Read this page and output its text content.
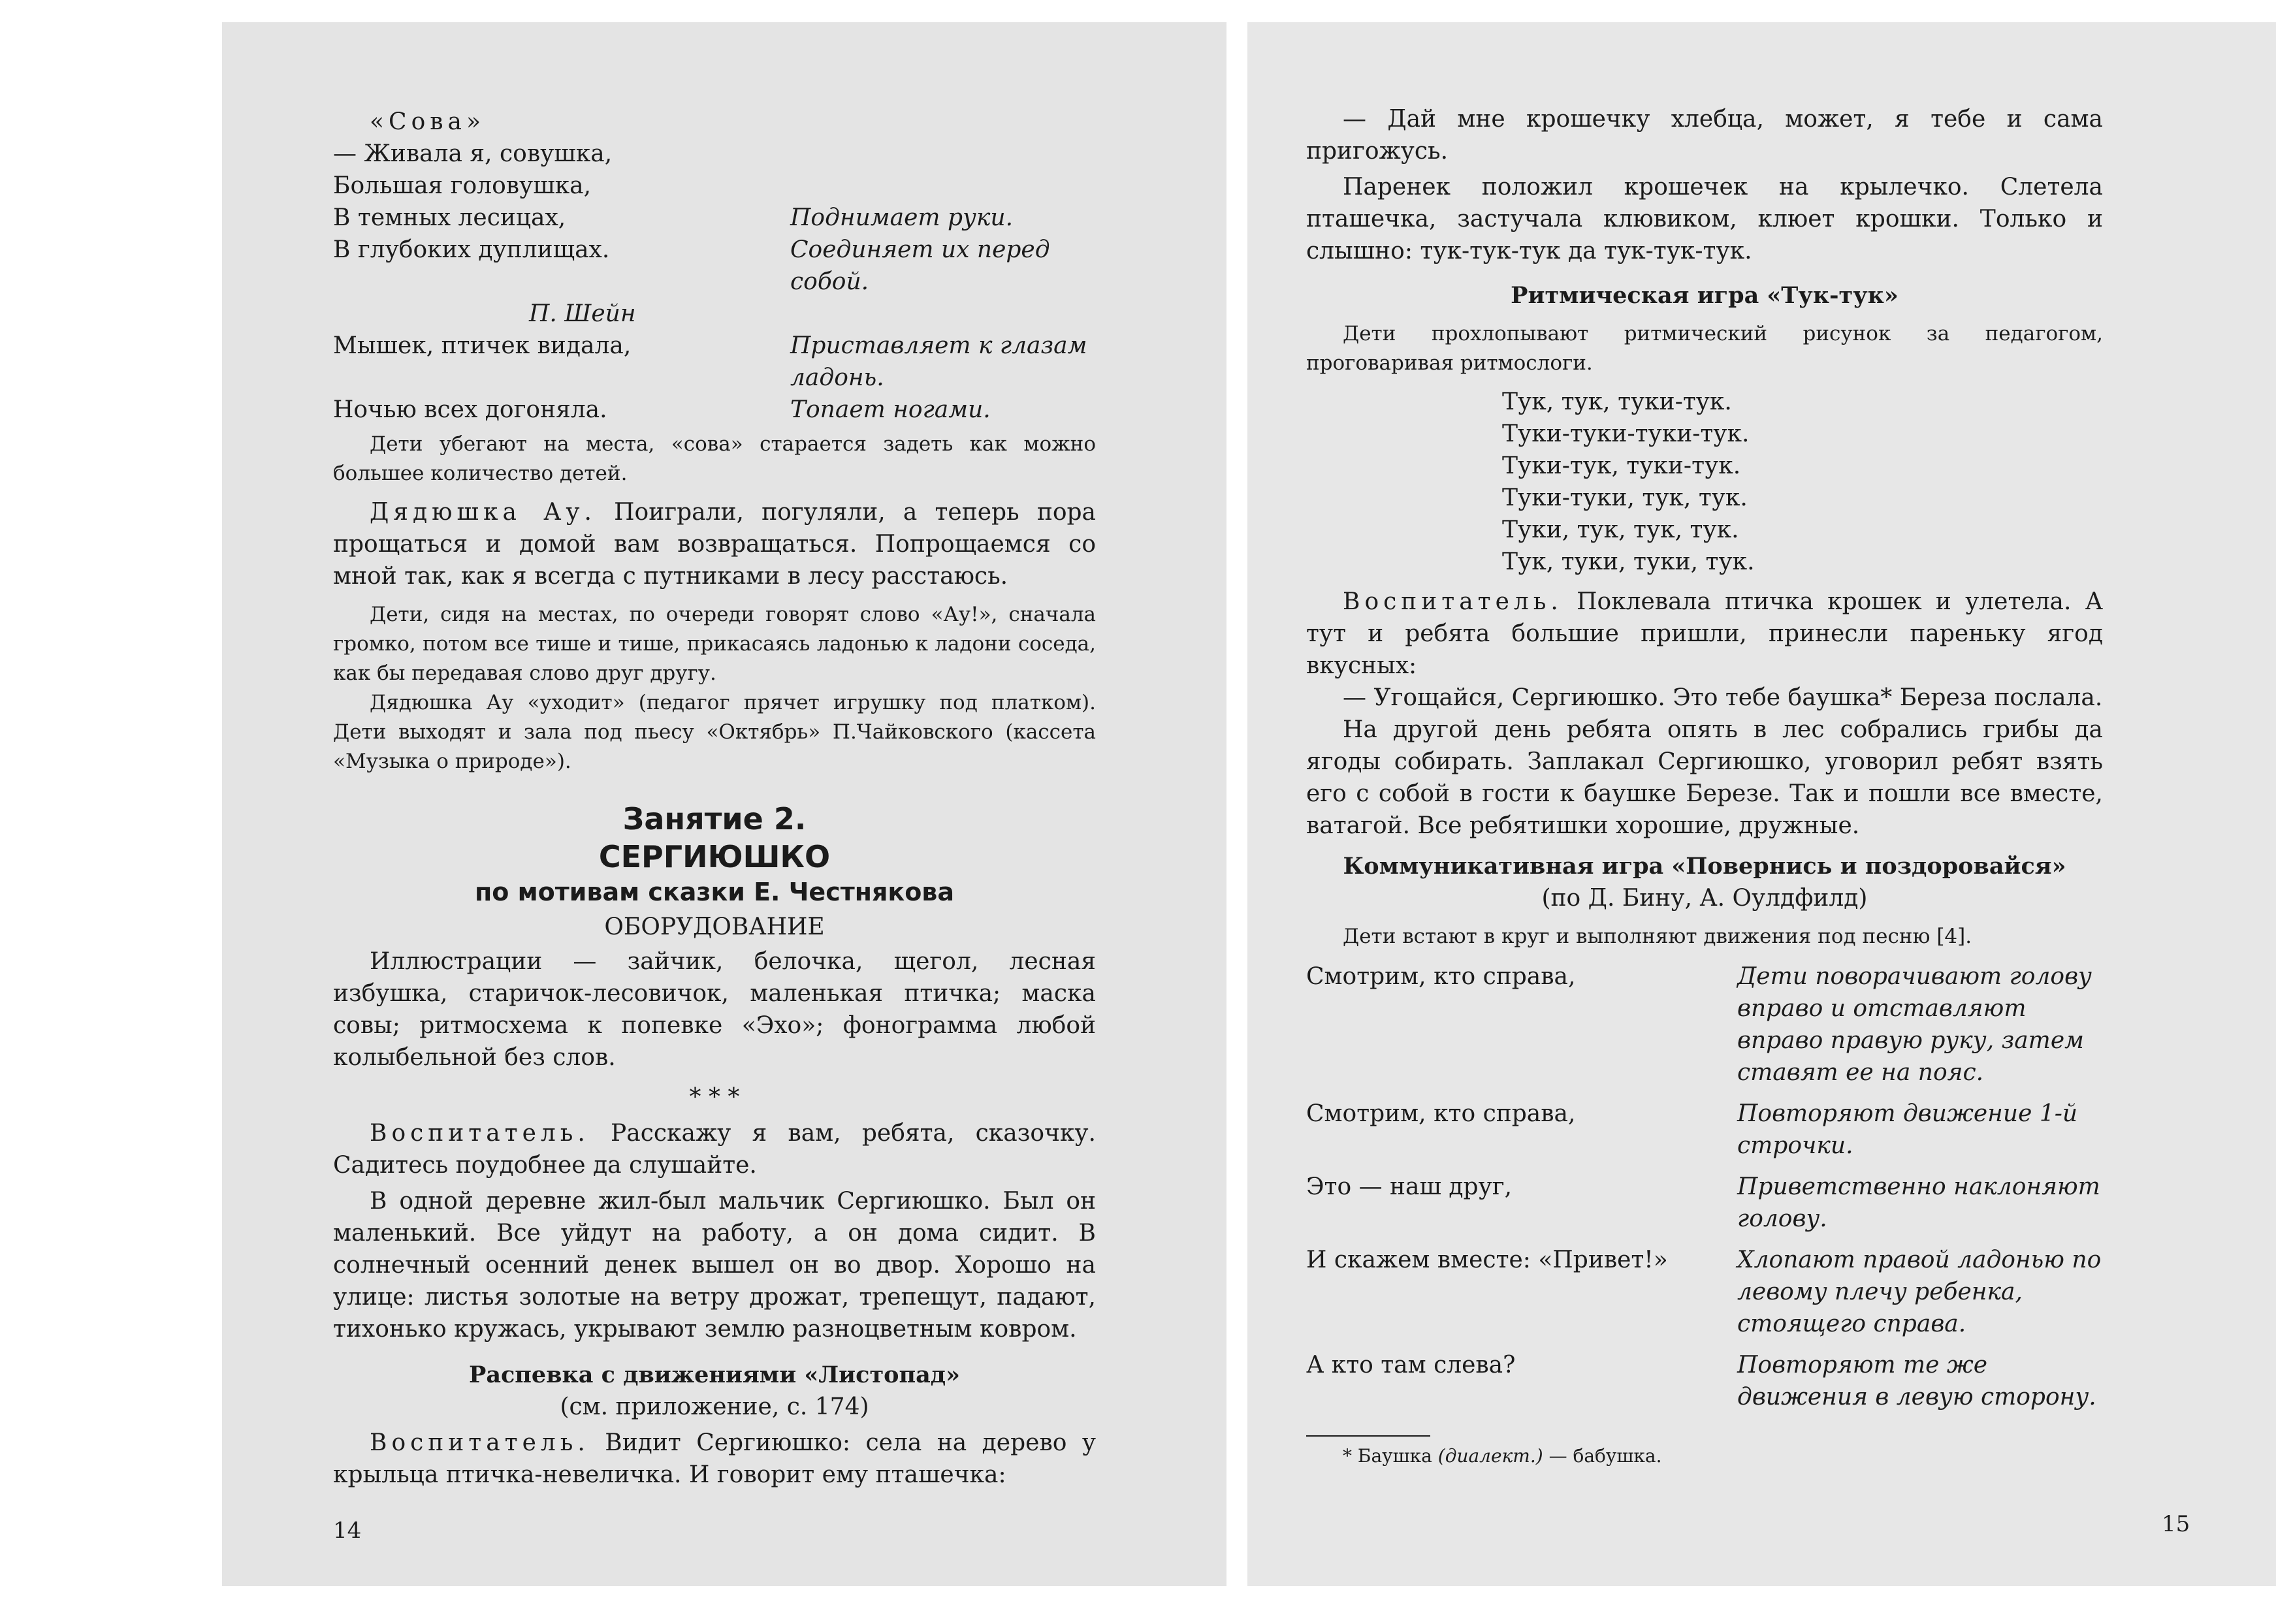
«Сова»

— Живала я, совушка,
Большая головушка,
В темных лесицах,	Поднимает руки.
В глубоких дуплищах.	Соединяет их перед собой.

П. Шейн

Мышек, птичек видала,	Приставляет к глазам ладонь.
Ночью всех догоняла.	Топает ногами.

Дети убегают на места, «сова» старается задеть как можно большее количество детей.

Дядюшка Ау. Поиграли, погуляли, а теперь пора прощаться и домой вам возвращаться. Попрощаемся со мной так, как я всегда с путниками в лесу расстаюсь.

Дети, сидя на местах, по очереди говорят слово «Ау!», сначала громко, потом все тише и тише, прикасаясь ладонью к ладони соседа, как бы передавая слово друг другу.

Дядюшка Ау «уходит» (педагог прячет игрушку под платком). Дети выходят и зала под пьесу «Октябрь» П.Чайковского (кассета «Музыка о природе»).

Занятие 2.

СЕРГИЮШКО

по мотивам сказки Е. Честнякова

ОБОРУДОВАНИЕ

Иллюстрации — зайчик, белочка, щегол, лесная избушка, старичок-лесовичок, маленькая птичка; маска совы; ритмосхема к попевке «Эхо»; фонограмма любой колыбельной без слов.

* * *

Воспитатель. Расскажу я вам, ребята, сказочку. Садитесь поудобнее да слушайте.

В одной деревне жил-был мальчик Сергиюшко. Был он маленький. Все уйдут на работу, а он дома сидит. В солнечный осенний денек вышел он во двор. Хорошо на улице: листья золотые на ветру дрожат, трепещут, падают, тихонько кружась, укрывают землю разноцветным ковром.

Распевка с движениями «Листопад»

(см. приложение, с. 174)

Воспитатель. Видит Сергиюшко: села на дерево у крыльца птичка-невеличка. И говорит ему пташечка:

14

— Дай мне крошечку хлебца, может, я тебе и сама пригожусь.

Паренек положил крошечек на крылечко. Слетела пташечка, застучала клювиком, клюет крошки. Только и слышно: тук-тук-тук да тук-тук-тук.

Ритмическая игра «Тук-тук»

Дети прохлопывают ритмический рисунок за педагогом, проговаривая ритмослоги.

Тук, тук, туки-тук.

Туки-туки-туки-тук.

Туки-тук, туки-тук.

Туки-туки, тук, тук.

Туки, тук, тук, тук.

Тук, туки, туки, тук.

Воспитатель. Поклевала птичка крошек и улетела. А тут и ребята большие пришли, принесли пареньку ягод вкусных:

— Угощайся, Сергиюшко. Это тебе баушка* Береза послала.

На другой день ребята опять в лес собрались грибы да ягоды собирать. Заплакал Сергиюшко, уговорил ребят взять его с собой в гости к баушке Березе. Так и пошли все вместе, ватагой. Все ребятишки хорошие, дружные.

Коммуникативная игра «Повернись и поздоровайся»

(по Д. Бину, А. Оулдфилд)

Дети встают в круг и выполняют движения под песню [4].

Смотрим, кто справа,	Дети поворачивают голову вправо и отставляют вправо правую руку, затем ставят ее на пояс.
Смотрим, кто справа,	Повторяют движение 1-й строчки.
Это — наш друг,	Приветственно наклоняют голову.
И скажем вместе: «Привет!»	Хлопают правой ладонью по левому плечу ребенка, стоящего справа.
А кто там слева?	Повторяют те же движения в левую сторону.

* Баушка (диалект.) — бабушка.

15
